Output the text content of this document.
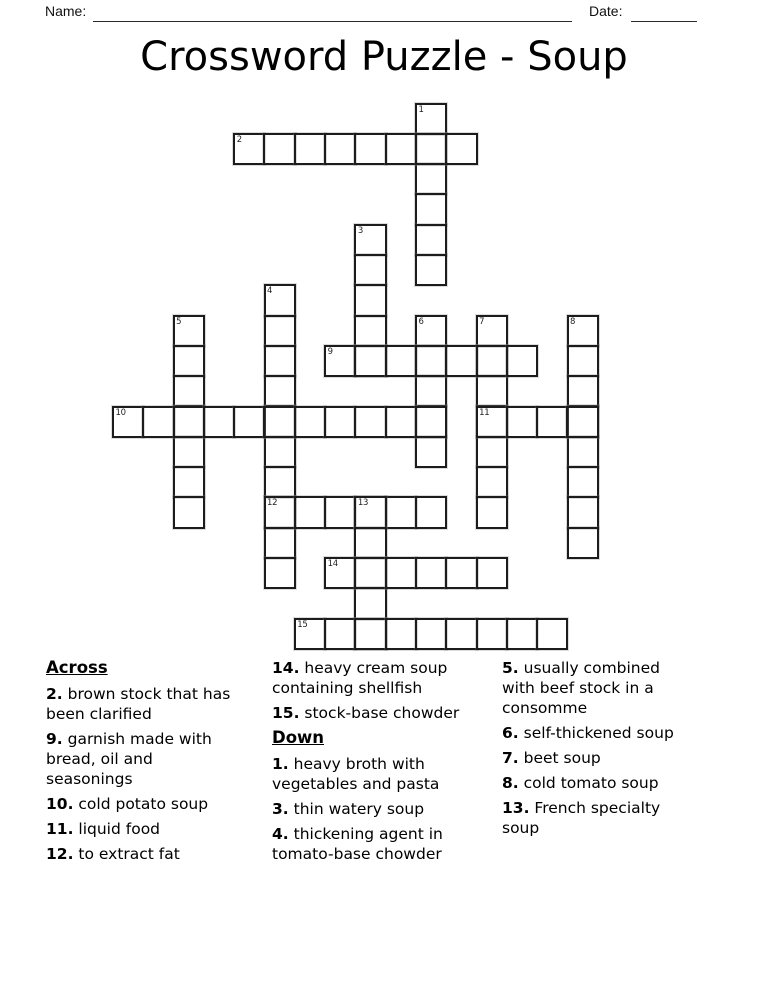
Name:	Date:
Crossword Puzzle - Soup
1
2
3
4
5	6	7	8
9
10	11
12	13
14
15
Across
2. brown stock that has been clarified
9. garnish made with bread, oil and seasonings
10. cold potato soup
11. liquid food
12. to extract fat
14. heavy cream soup containing shellfish
15. stock-base chowder
Down
1. heavy broth with vegetables and pasta
3. thin watery soup
4. thickening agent in tomato-base chowder
5. usually combined with beef stock in a consomme
6. self-thickened soup
7. beet soup
8. cold tomato soup
13. French specialty soup
